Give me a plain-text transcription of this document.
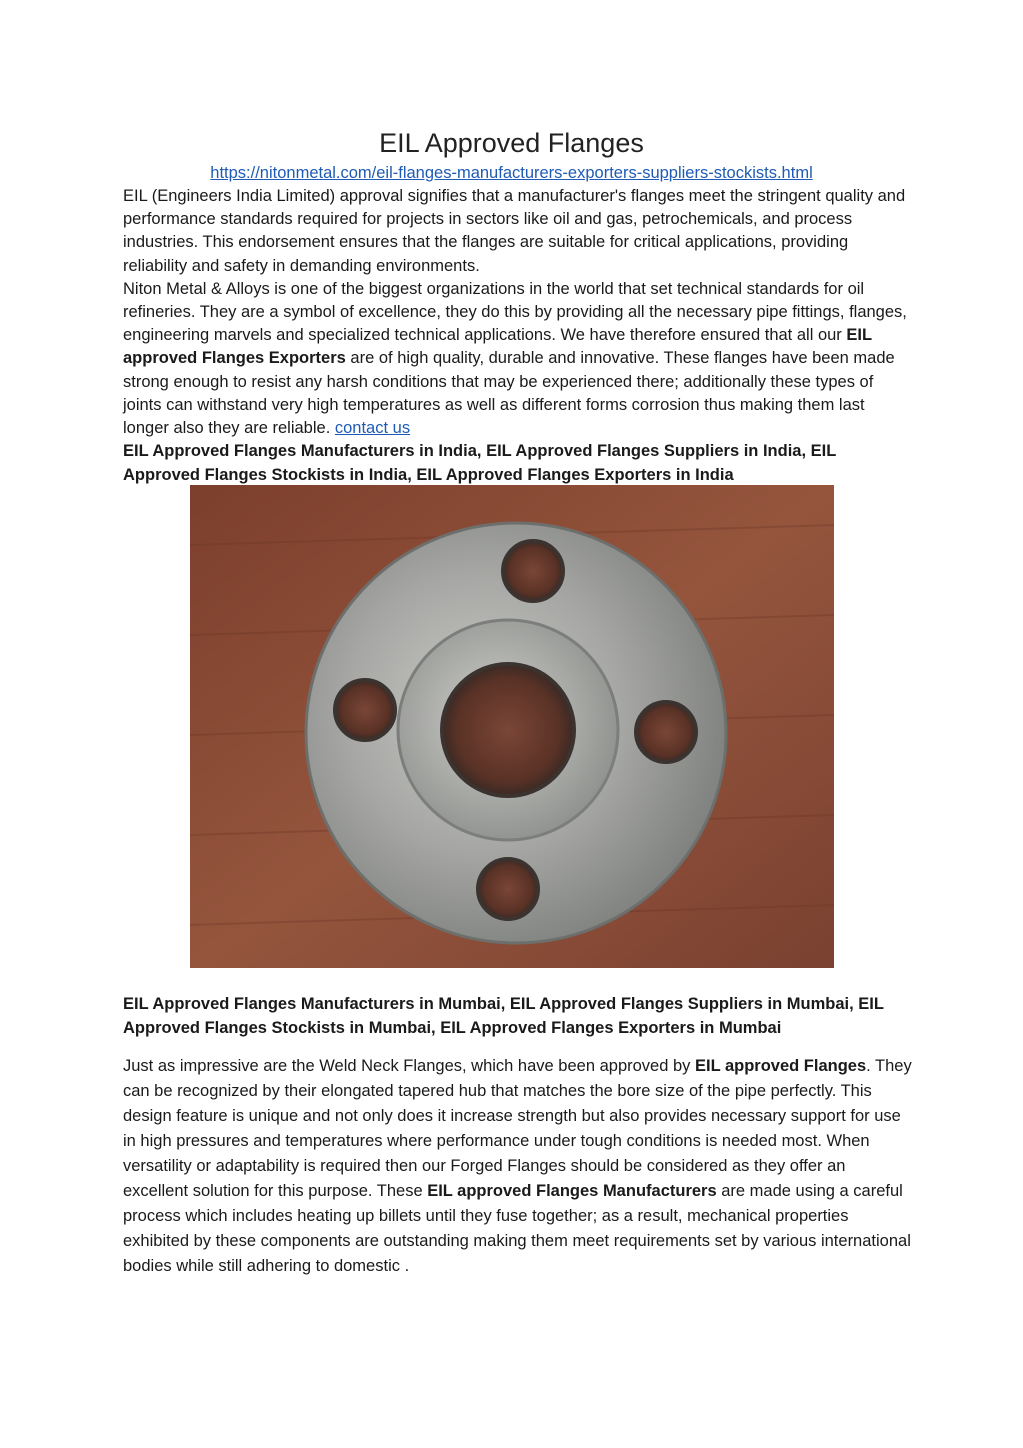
EIL Approved Flanges
https://nitonmetal.com/eil-flanges-manufacturers-exporters-suppliers-stockists.html

EIL (Engineers India Limited) approval signifies that a manufacturer's flanges meet the stringent quality and performance standards required for projects in sectors like oil and gas, petrochemicals, and process industries. This endorsement ensures that the flanges are suitable for critical applications, providing reliability and safety in demanding environments.

Niton Metal & Alloys is one of the biggest organizations in the world that set technical standards for oil refineries. They are a symbol of excellence, they do this by providing all the necessary pipe fittings, flanges, engineering marvels and specialized technical applications. We have therefore ensured that all our EIL approved Flanges Exporters are of high quality, durable and innovative. These flanges have been made strong enough to resist any harsh conditions that may be experienced there; additionally these types of joints can withstand very high temperatures as well as different forms corrosion thus making them last longer also they are reliable. contact us

EIL Approved Flanges Manufacturers in India, EIL Approved Flanges Suppliers in India, EIL Approved Flanges Stockists in India, EIL Approved Flanges Exporters in India
EIL Approved Flanges Manufacturers in Mumbai, EIL Approved Flanges Suppliers in Mumbai, EIL Approved Flanges Stockists in Mumbai, EIL Approved Flanges Exporters in Mumbai

Just as impressive are the Weld Neck Flanges, which have been approved by EIL approved Flanges. They can be recognized by their elongated tapered hub that matches the bore size of the pipe perfectly. This design feature is unique and not only does it increase strength but also provides necessary support for use in high pressures and temperatures where performance under tough conditions is needed most. When versatility or adaptability is required then our Forged Flanges should be considered as they offer an excellent solution for this purpose. These EIL approved Flanges Manufacturers are made using a careful process which includes heating up billets until they fuse together; as a result, mechanical properties exhibited by these components are outstanding making them meet requirements set by various international bodies while still adhering to domestic .
